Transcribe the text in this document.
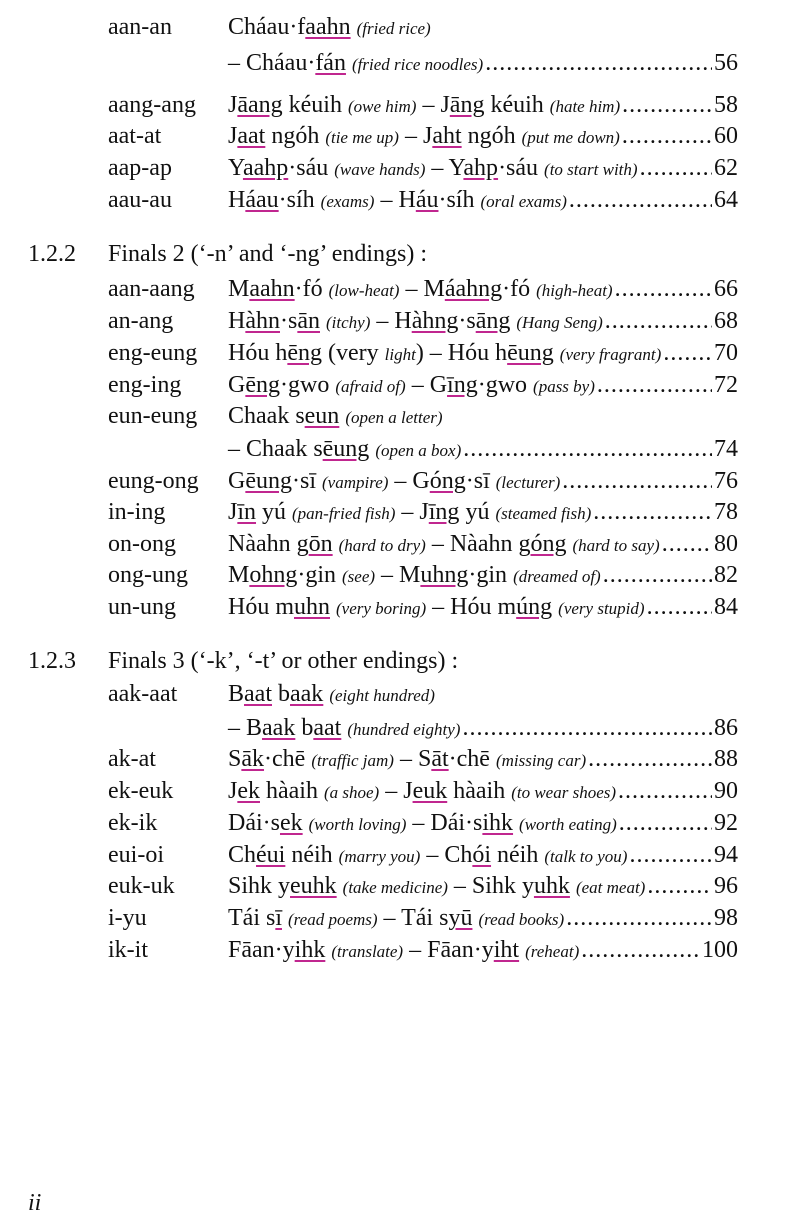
aan-an Cháau·faahn (fried rice)
– Cháau·fán (fried rice noodles) .....	56
aang-ang Jāang kéuih (owe him) – Jāng kéuih (hate him) .....	58
aat-at	Jaat ngóh (tie me up) – Jaht ngóh (put me down) .....	60
aap-ap Yaahp·sáu (wave hands) – Yahp·sáu (to start with) .....	62
aau-au Háau·síh (exams) – Háu·síh (oral exams) .....	64
1.2.2	Finals 2 (‘-n’ and ‘-ng’ endings) :
aan-aang Maahn·fó (low-heat) – Máahng·fó (high-heat) .....	66
an-ang Hàhn·sān (itchy) – Hàhng·sāng (Hang Seng) .....	68
eng-eung Hóu hēng (very light) – Hóu hēung (very fragrant) ..... 70
eng-ing Gēng·gwo (afraid of) – Gīng·gwo (pass by) .....	72
eun-eung Chaak seun (open a letter)
– Chaak sēung (open a box) .....	74
eung-ong Gēung·sī (vampire) – Góng·sī (lecturer) .....	76
in-ing	Jīn yú (pan-fried fish) – Jīng yú (steamed fish) .....	78
on-ong Nàahn gōn (hard to dry) – Nàahn góng (hard to say) ..... 80
ong-ung Mohng·gin (see) – Muhng·gin (dreamed of) .....	82
un-ung Hóu muhn (very boring) – Hóu múng (very stupid) .....	84
1.2.3	Finals 3 (‘-k’, ‘-t’ or other endings) :
aak-aat Baat baak (eight hundred)
– Baak baat (hundred eighty) .....	86
ak-at	Sāk·chē (traffic jam) – Sāt·chē (missing car) .....	88
ek-euk Jek hàaih (a shoe) – Jeuk hàaih (to wear shoes) .....	90
ek-ik	Dái·sek (worth loving) – Dái·sihk (worth eating) .....	92
eui-oi	Chéui néih (marry you) – Chói néih (talk to you) .....	94
euk-uk Sihk yeuhk (take medicine) – Sihk yuhk (eat meat) .....	96
i-yu	Tái sī (read poems) – Tái syū (read books) .....	98
ik-it	Fāan·yihk (translate) – Fāan·yiht (reheat) .....	100
ii
